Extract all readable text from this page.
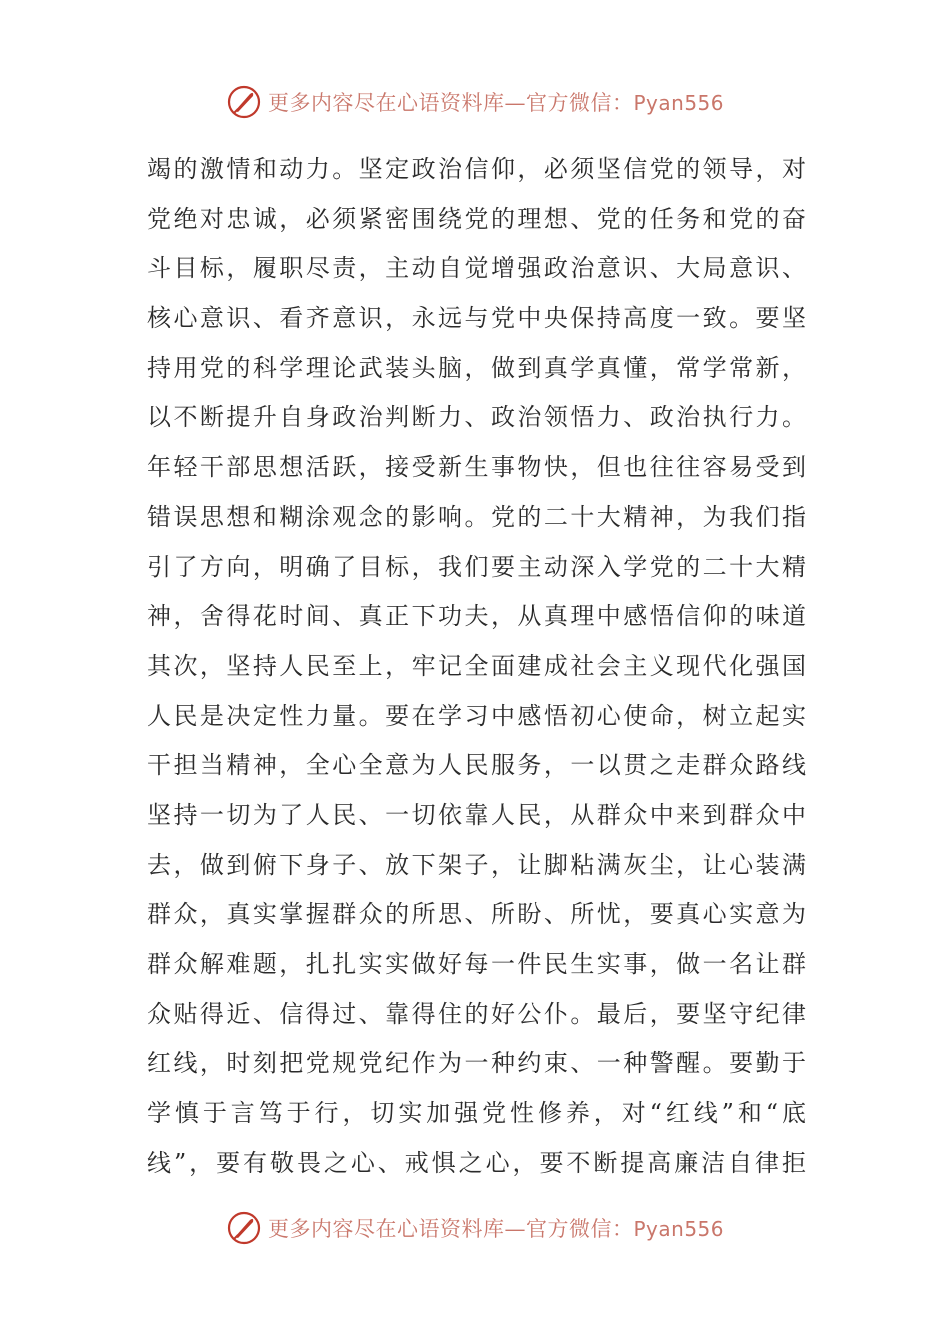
更多内容尽在心语资料库—官方微信：Pyan556
竭的激情和动力。坚定政治信仰，必须坚信党的领导，对
党绝对忠诚，必须紧密围绕党的理想、党的任务和党的奋
斗目标，履职尽责，主动自觉增强政治意识、大局意识、
核心意识、看齐意识，永远与党中央保持高度一致。要坚
持用党的科学理论武装头脑，做到真学真懂，常学常新，
以不断提升自身政治判断力、政治领悟力、政治执行力。
年轻干部思想活跃，接受新生事物快，但也往往容易受到
错误思想和糊涂观念的影响。党的二十大精神，为我们指
引了方向，明确了目标，我们要主动深入学党的二十大精
神，舍得花时间、真正下功夫，从真理中感悟信仰的味道
其次，坚持人民至上，牢记全面建成社会主义现代化强国
人民是决定性力量。要在学习中感悟初心使命，树立起实
干担当精神，全心全意为人民服务，一以贯之走群众路线
坚持一切为了人民、一切依靠人民，从群众中来到群众中
去，做到俯下身子、放下架子，让脚粘满灰尘，让心装满
群众，真实掌握群众的所思、所盼、所忧，要真心实意为
群众解难题，扎扎实实做好每一件民生实事，做一名让群
众贴得近、信得过、靠得住的好公仆。最后，要坚守纪律
红线，时刻把党规党纪作为一种约束、一种警醒。要勤于
学慎于言笃于行，切实加强党性修养，对“红线”和“底
线”，要有敬畏之心、戒惧之心，要不断提高廉洁自律拒
更多内容尽在心语资料库—官方微信：Pyan556
